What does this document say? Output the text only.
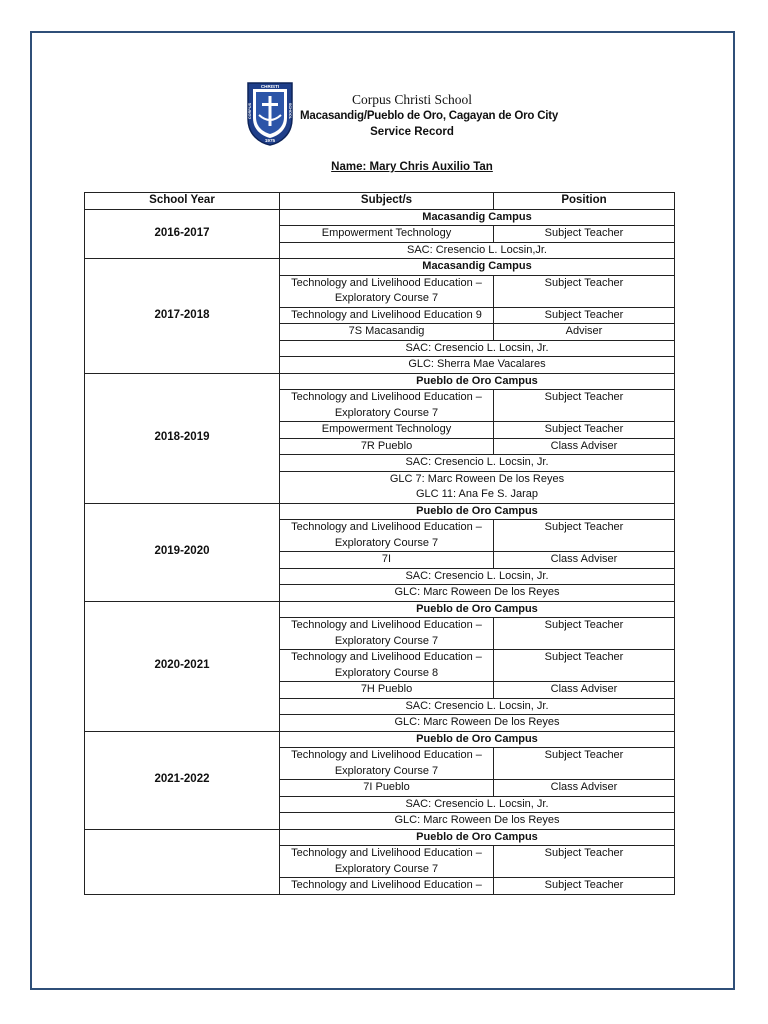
CHRISTI
CORPUS	SCHOOL
1975
Corpus Christi School
Macasandig/Pueblo de Oro, Cagayan de Oro City
Service Record
Name: Mary Chris Auxilio Tan
School Year	Subject/s	Position
2016-2017	Macasandig Campus	
	Empowerment Technology	Subject Teacher
	SAC: Cresencio L. Locsin,Jr.	
2017-2018	Macasandig Campus	
	Technology and Livelihood Education –
Exploratory Course 7	Subject Teacher
	Technology and Livelihood Education 9	Subject Teacher
	7S Macasandig	Adviser
	SAC: Cresencio L. Locsin, Jr.	
	GLC: Sherra Mae Vacalares	
2018-2019	Pueblo de Oro Campus	
	Technology and Livelihood Education –
Exploratory Course 7	Subject Teacher
	Empowerment Technology	Subject Teacher
	7R Pueblo	Class Adviser
	SAC: Cresencio L. Locsin, Jr.	
	GLC 7: Marc Roween De los Reyes
GLC 11: Ana Fe S. Jarap	
2019-2020	Pueblo de Oro Campus	
	Technology and Livelihood Education –
Exploratory Course 7	Subject Teacher
	7I	Class Adviser
	SAC: Cresencio L. Locsin, Jr.	
	GLC: Marc Roween De los Reyes	
2020-2021	Pueblo de Oro Campus	
	Technology and Livelihood Education –
Exploratory Course 7	Subject Teacher
	Technology and Livelihood Education –
Exploratory Course 8	Subject Teacher
	7H Pueblo	Class Adviser
	SAC: Cresencio L. Locsin, Jr.	
	GLC: Marc Roween De los Reyes	
2021-2022	Pueblo de Oro Campus	
	Technology and Livelihood Education –
Exploratory Course 7	Subject Teacher
	7I Pueblo	Class Adviser
	SAC: Cresencio L. Locsin, Jr.	
	GLC: Marc Roween De los Reyes	
	Pueblo de Oro Campus	
	Technology and Livelihood Education –
Exploratory Course 7	Subject Teacher
	Technology and Livelihood Education –	Subject Teacher
